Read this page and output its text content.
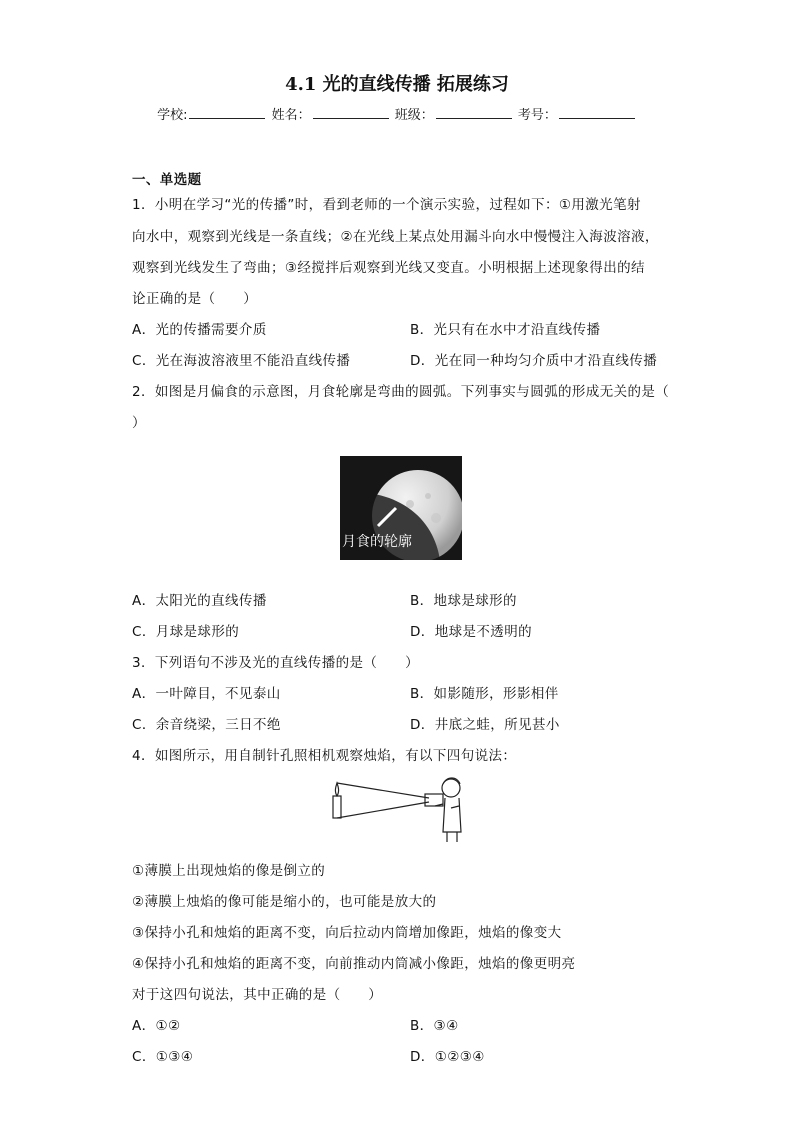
4.1 光的直线传播 拓展练习
学校:	姓名：	班级：	考号：
一、单选题
1．小明在学习“光的传播”时，看到老师的一个演示实验，过程如下：①用激光笔射
向水中，观察到光线是一条直线；②在光线上某点处用漏斗向水中慢慢注入海波溶液，
观察到光线发生了弯曲；③经搅拌后观察到光线又变直。小明根据上述现象得出的结
论正确的是（　　）
A．光的传播需要介质	B．光只有在水中才沿直线传播
C．光在海波溶液里不能沿直线传播	D．光在同一种均匀介质中才沿直线传播
2．如图是月偏食的示意图，月食轮廓是弯曲的圆弧。下列事实与圆弧的形成无关的是（
）
月食的轮廓
A．太阳光的直线传播	B．地球是球形的
C．月球是球形的	D．地球是不透明的
3．下列语句不涉及光的直线传播的是（　　）
A．一叶障目，不见泰山	B．如影随形，形影相伴
C．余音绕梁，三日不绝	D．井底之蛙，所见甚小
4．如图所示，用自制针孔照相机观察烛焰，有以下四句说法：
①薄膜上出现烛焰的像是倒立的
②薄膜上烛焰的像可能是缩小的，也可能是放大的
③保持小孔和烛焰的距离不变，向后拉动内筒增加像距，烛焰的像变大
④保持小孔和烛焰的距离不变，向前推动内筒减小像距，烛焰的像更明亮
对于这四句说法，其中正确的是（　　）
A．①②	B．③④
C．①③④	D．①②③④
